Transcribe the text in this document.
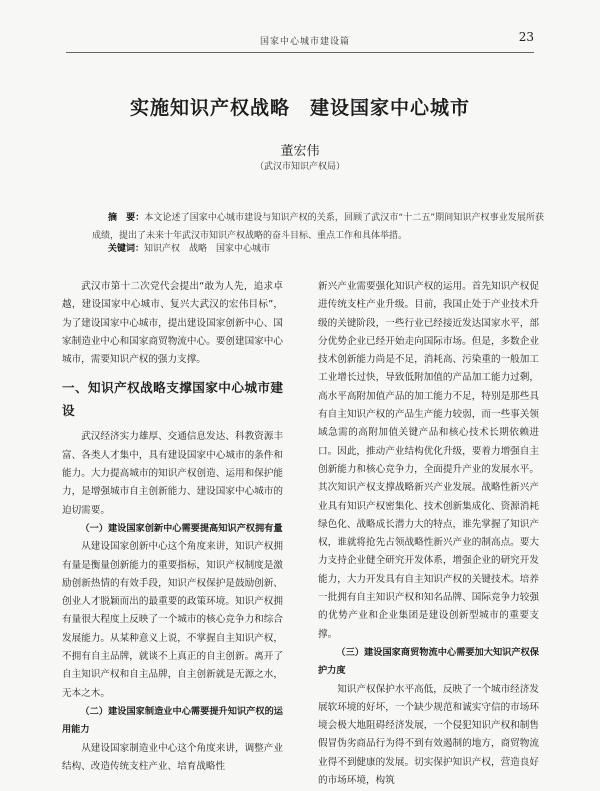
国家中心城市建设篇	23
实施知识产权战略　建设国家中心城市
董宏伟
（武汉市知识产权局）
摘　要：本文论述了国家中心城市建设与知识产权的关系，回顾了武汉市“十二五”期间知识产权事业发展所获成绩，提出了未来十年武汉市知识产权战略的奋斗目标、重点工作和具体举措。
关键词：知识产权　战略　国家中心城市

武汉市第十二次党代会提出“敢为人先，追求卓越，建设国家中心城市、复兴大武汉的宏伟目标”，为了建设国家中心城市，提出建设国家创新中心、国家制造业中心和国家商贸物流中心。要创建国家中心城市，需要知识产权的强力支撑。

一、知识产权战略支撑国家中心城市建设

武汉经济实力雄厚、交通信息发达、科教资源丰富、各类人才集中，具有建设国家中心城市的条件和能力。大力提高城市的知识产权创造、运用和保护能力，是增强城市自主创新能力、建设国家中心城市的迫切需要。

（一）建设国家创新中心需要提高知识产权拥有量

从建设国家创新中心这个角度来讲，知识产权拥有量是衡量创新能力的重要指标，知识产权制度是激励创新热情的有效手段，知识产权保护是鼓励创新、创业人才脱颖而出的最重要的政策环境。知识产权拥有量很大程度上反映了一个城市的核心竞争力和综合发展能力。从某种意义上说，不掌握自主知识产权，不拥有自主品牌，就谈不上真正的自主创新。离开了自主知识产权和自主品牌，自主创新就是无源之水，无本之木。

（二）建设国家制造业中心需要提升知识产权的运用能力

从建设国家制造业中心这个角度来讲，调整产业结构、改造传统支柱产业、培育战略性

新兴产业需要强化知识产权的运用。首先知识产权促进传统支柱产业升级。目前，我国止处于产业技术升级的关键阶段，一些行业已经接近发达国家水平，部分优势企业已经开始走向国际市场。但是，多数企业技术创新能力尚是不足，消耗高、污染重的一般加工工业增长过快，导致低附加值的产品加工能力过剩，高水平高附加值产品的加工能力不足，特别是那些具有自主知识产权的产品生产能力较弱，而一些事关领域急需的高附加值关键产品和核心技术长期依赖进口。因此，推动产业结构优化升级，要着力增强自主创新能力和核心竞争力，全面提升产业的发展水平。其次知识产权支撑战略新兴产业发展。战略性新兴产业具有知识产权密集化、技术创新集成化、资源消耗绿色化、战略成长潜力大的特点，谁先掌握了知识产权，谁就将抢先占领战略性新兴产业的制高点。要大力支持企业健全研究开发体系，增强企业的研究开发能力，大力开发具有自主知识产权的关键技术。培养一批拥有自主知识产权和知名品牌、国际竞争力较强的优势产业和企业集团是建设创新型城市的重要支撑。

（三）建设国家商贸物流中心需要加大知识产权保护力度

知识产权保护水平高低，反映了一个城市经济发展软环境的好坏，一个缺少规范和诚实守信的市场环境会极大地阻碍经济发展，一个侵犯知识产权和制售假冒伪劣商品行为得不到有效遏制的地方，商贸物流业得不到健康的发展。切实保护知识产权，营造良好的市场环境，构筑
